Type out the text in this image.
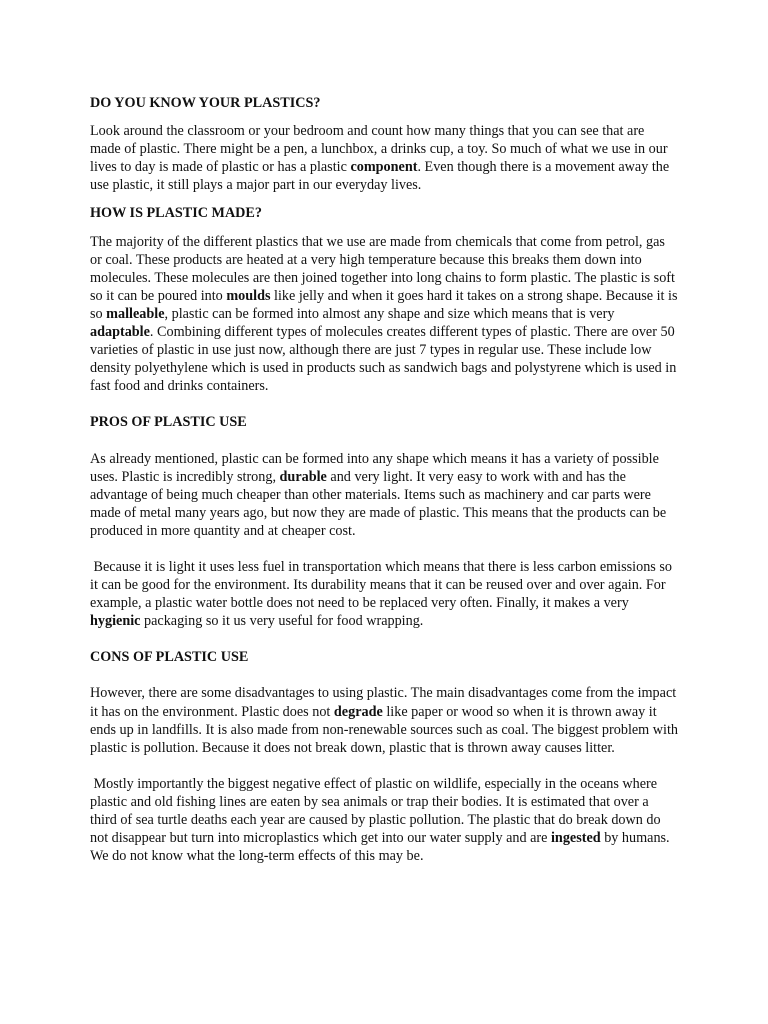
DO YOU KNOW YOUR PLASTICS?

Look around the classroom or your bedroom and count how many things that you can see that are made of plastic. There might be a pen, a lunchbox, a drinks cup, a toy. So much of what we use in our lives to day is made of plastic or has a plastic component. Even though there is a movement away the use plastic, it still plays a major part in our everyday lives.

HOW IS PLASTIC MADE?

The majority of the different plastics that we use are made from chemicals that come from petrol, gas or coal. These products are heated at a very high temperature because this breaks them down into molecules. These molecules are then joined together into long chains to form plastic. The plastic is soft so it can be poured into moulds like jelly and when it goes hard it takes on a strong shape. Because it is so malleable, plastic can be formed into almost any shape and size which means that is very adaptable. Combining different types of molecules creates different types of plastic. There are over 50 varieties of plastic in use just now, although there are just 7 types in regular use. These include low density polyethylene which is used in products such as sandwich bags and polystyrene which is used in fast food and drinks containers.

PROS OF PLASTIC USE

As already mentioned, plastic can be formed into any shape which means it has a variety of possible uses. Plastic is incredibly strong, durable and very light. It very easy to work with and has the advantage of being much cheaper than other materials. Items such as machinery and car parts were made of metal many years ago, but now they are made of plastic. This means that the products can be produced in more quantity and at cheaper cost.

Because it is light it uses less fuel in transportation which means that there is less carbon emissions so it can be good for the environment. Its durability means that it can be reused over and over again. For example, a plastic water bottle does not need to be replaced very often. Finally, it makes a very hygienic packaging so it us very useful for food wrapping.

CONS OF PLASTIC USE

However, there are some disadvantages to using plastic. The main disadvantages come from the impact it has on the environment. Plastic does not degrade like paper or wood so when it is thrown away it ends up in landfills. It is also made from non-renewable sources such as coal. The biggest problem with plastic is pollution. Because it does not break down, plastic that is thrown away causes litter.

Mostly importantly the biggest negative effect of plastic on wildlife, especially in the oceans where plastic and old fishing lines are eaten by sea animals or trap their bodies. It is estimated that over a third of sea turtle deaths each year are caused by plastic pollution. The plastic that do break down do not disappear but turn into microplastics which get into our water supply and are ingested by humans. We do not know what the long-term effects of this may be.
